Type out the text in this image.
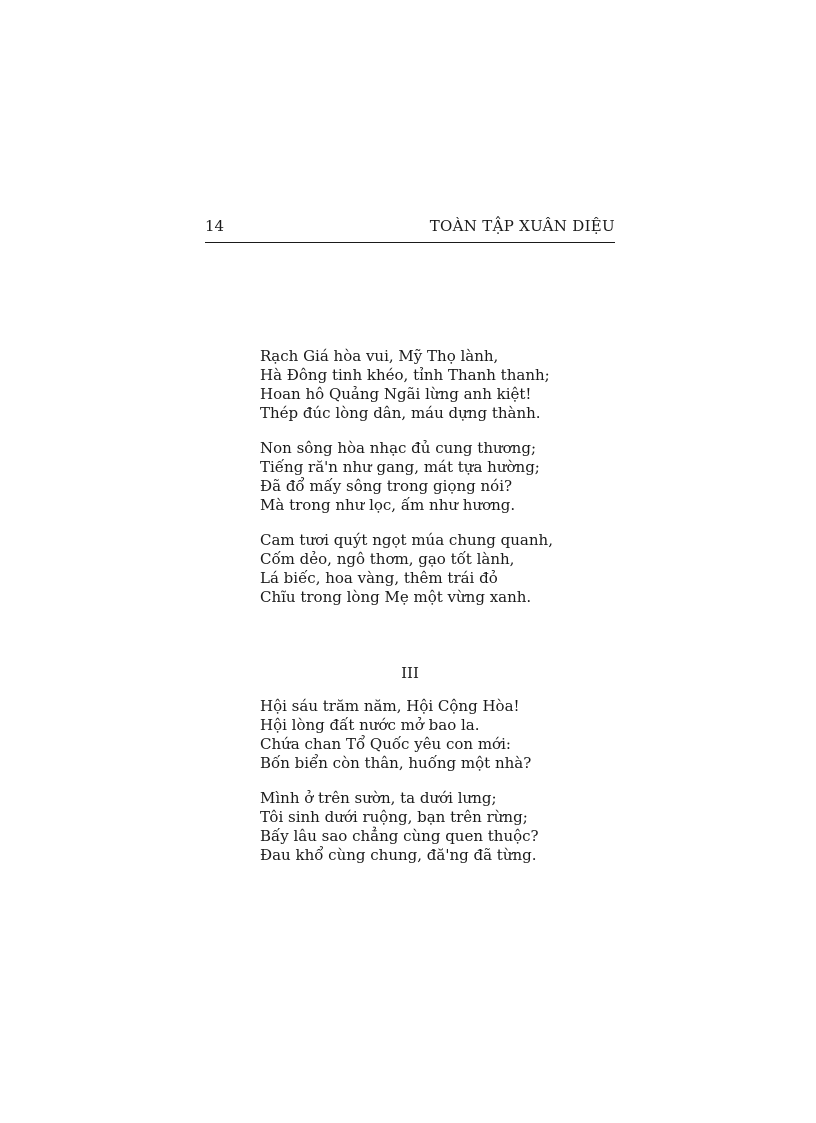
14	TOÀN TẬP XUÂN DIỆU
Rạch Giá hòa vui, Mỹ Thọ lành,
Hà Đông tinh khéo, tỉnh Thanh thanh;
Hoan hô Quảng Ngãi lừng anh kiệt!
Thép đúc lòng dân, máu dựng thành.
Non sông hòa nhạc đủ cung thương;
Tiếng ră'n như gang, mát tựa hường;
Đã đổ mấy sông trong giọng nói?
Mà trong như lọc, ấm như hương.
Cam tươi quýt ngọt múa chung quanh,
Cốm dẻo, ngô thơm, gạo tốt lành,
Lá biếc, hoa vàng, thêm trái đỏ
Chĩu trong lòng Mẹ một vừng xanh.
III
Hội sáu trăm năm, Hội Cộng Hòa!
Hội lòng đất nước mở bao la.
Chứa chan Tổ Quốc yêu con mới:
Bốn biển còn thân, huống một nhà?
Mình ở trên sườn, ta dưới lưng;
Tôi sinh dưới ruộng, bạn trên rừng;
Bấy lâu sao chẳng cùng quen thuộc?
Đau khổ cùng chung, đă'ng đã từng.
